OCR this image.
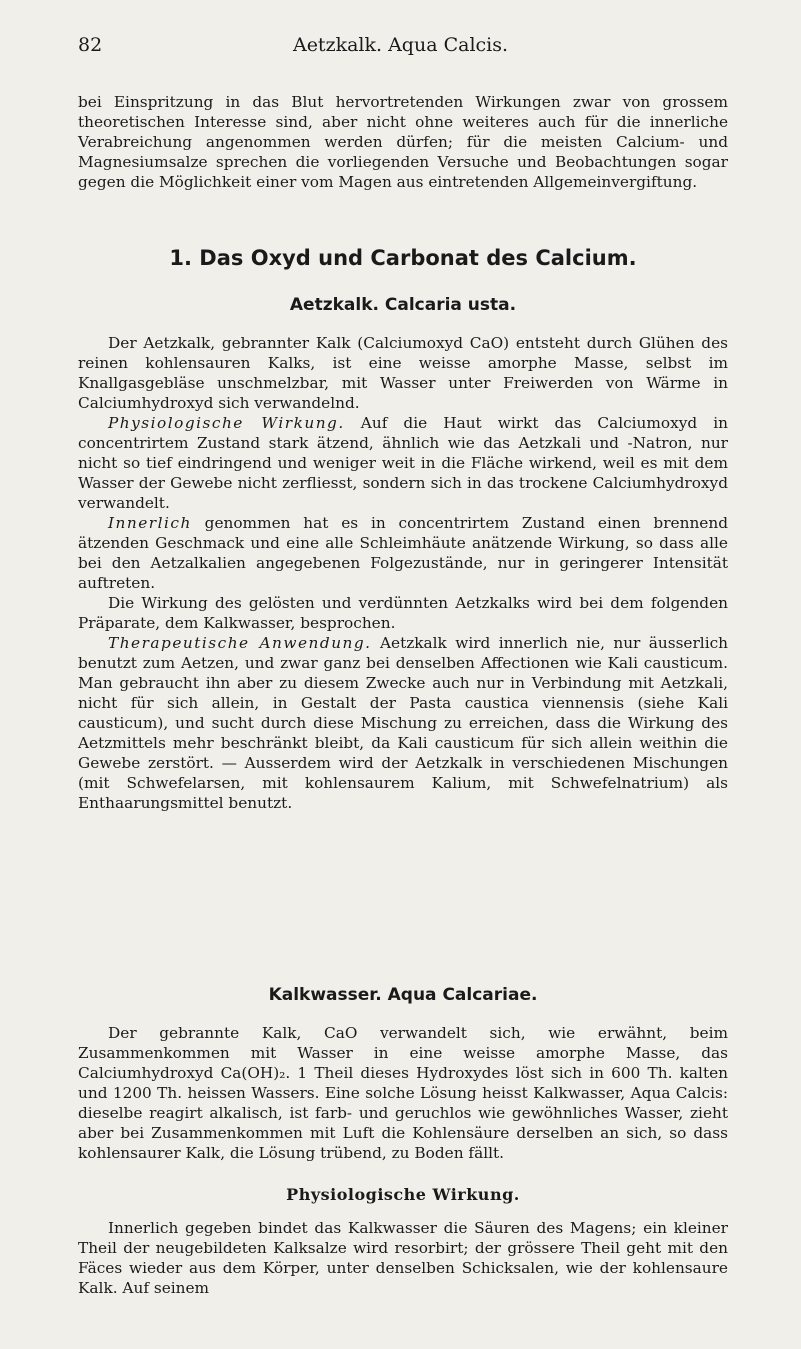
Aetzkalk. Aqua Calcis.
82

bei Einspritzung in das Blut hervortretenden Wirkungen zwar von grossem theoretischen Interesse sind, aber nicht ohne weiteres auch für die innerliche Verabreichung angenommen werden dürfen; für die meisten Calcium- und Magnesiumsalze sprechen die vorliegenden Versuche und Beobachtungen sogar gegen die Möglichkeit einer vom Magen aus eintretenden Allgemeinvergiftung.

1. Das Oxyd und Carbonat des Calcium.
Aetzkalk. Calcaria usta.

Der Aetzkalk, gebrannter Kalk (Calciumoxyd CaO) entsteht durch Glühen des reinen kohlensauren Kalks, ist eine weisse amorphe Masse, selbst im Knallgasgebläse unschmelzbar, mit Wasser unter Freiwerden von Wärme in Calciumhydroxyd sich verwandelnd.

Physiologische Wirkung. Auf die Haut wirkt das Calciumoxyd in concentrirtem Zustand stark ätzend, ähnlich wie das Aetzkali und -Natron, nur nicht so tief eindringend und weniger weit in die Fläche wirkend, weil es mit dem Wasser der Gewebe nicht zerfliesst, sondern sich in das trockene Calciumhydroxyd verwandelt.

Innerlich genommen hat es in concentrirtem Zustand einen brennend ätzenden Geschmack und eine alle Schleimhäute anätzende Wirkung, so dass alle bei den Aetzalkalien angegebenen Folgezustände, nur in geringerer Intensität auftreten.

Die Wirkung des gelösten und verdünnten Aetzkalks wird bei dem folgenden Präparate, dem Kalkwasser, besprochen.

Therapeutische Anwendung. Aetzkalk wird innerlich nie, nur äusserlich benutzt zum Aetzen, und zwar ganz bei denselben Affectionen wie Kali causticum. Man gebraucht ihn aber zu diesem Zwecke auch nur in Verbindung mit Aetzkali, nicht für sich allein, in Gestalt der Pasta caustica viennensis (siehe Kali causticum), und sucht durch diese Mischung zu erreichen, dass die Wirkung des Aetzmittels mehr beschränkt bleibt, da Kali causticum für sich allein weithin die Gewebe zerstört. — Ausserdem wird der Aetzkalk in verschiedenen Mischungen (mit Schwefelarsen, mit kohlensaurem Kalium, mit Schwefelnatrium) als Enthaarungsmittel benutzt.

Kalkwasser. Aqua Calcariae.

Der gebrannte Kalk, CaO verwandelt sich, wie erwähnt, beim Zusammenkommen mit Wasser in eine weisse amorphe Masse, das Calciumhydroxyd Ca(OH)₂. 1 Theil dieses Hydroxydes löst sich in 600 Th. kalten und 1200 Th. heissen Wassers. Eine solche Lösung heisst Kalkwasser, Aqua Calcis: dieselbe reagirt alkalisch, ist farb- und geruchlos wie gewöhnliches Wasser, zieht aber bei Zusammenkommen mit Luft die Kohlensäure derselben an sich, so dass kohlensaurer Kalk, die Lösung trübend, zu Boden fällt.

Physiologische Wirkung.

Innerlich gegeben bindet das Kalkwasser die Säuren des Magens; ein kleiner Theil der neugebildeten Kalksalze wird resorbirt; der grössere Theil geht mit den Fäces wieder aus dem Körper, unter denselben Schicksalen, wie der kohlensaure Kalk. Auf seinem
